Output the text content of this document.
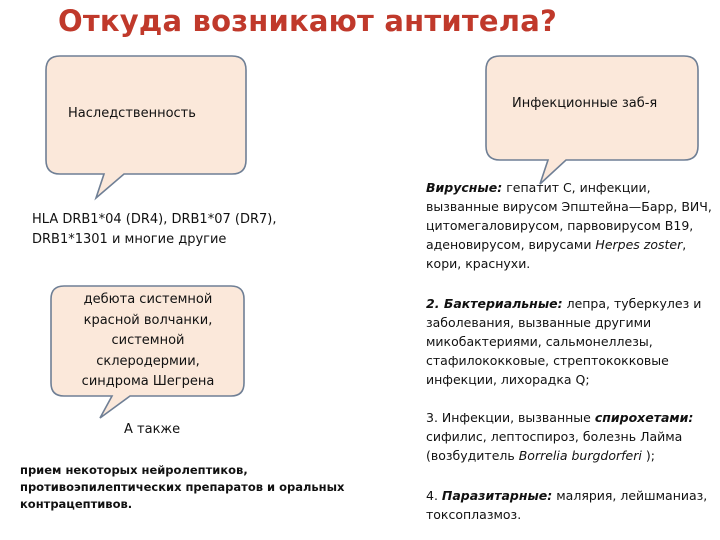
Откуда возникают антитела?
Наследственность
Инфекционные заб-я
HLA DRB1*04 (DR4), DRB1*07 (DR7), DRB1*1301 и многие другие
дебюта системной
красной волчанки,
системной
склеродермии,
синдрома Шегрена
А также
прием некоторых нейролептиков, противоэпилептических препаратов и оральных контрацептивов.
Вирусные: гепатит С, инфекции, вызванные вирусом Эпштейна—Барр, ВИЧ, цитомегаловирусом, парвовирусом В19, аденовирусом, вирусами Herpes zoster, кори, краснухи.
2. Бактериальные: лепра, туберкулез и заболевания, вызванные другими микобактериями, сальмонеллезы, стафилококковые, стрептококковые инфекции, лихорадка Q;
3. Инфекции, вызванные спирохетами: сифилис, лептоспироз, болезнь Лайма (возбудитель Borrelia burgdorferi );
4. Паразитарные: малярия, лейшманиаз, токсоплазмоз.
